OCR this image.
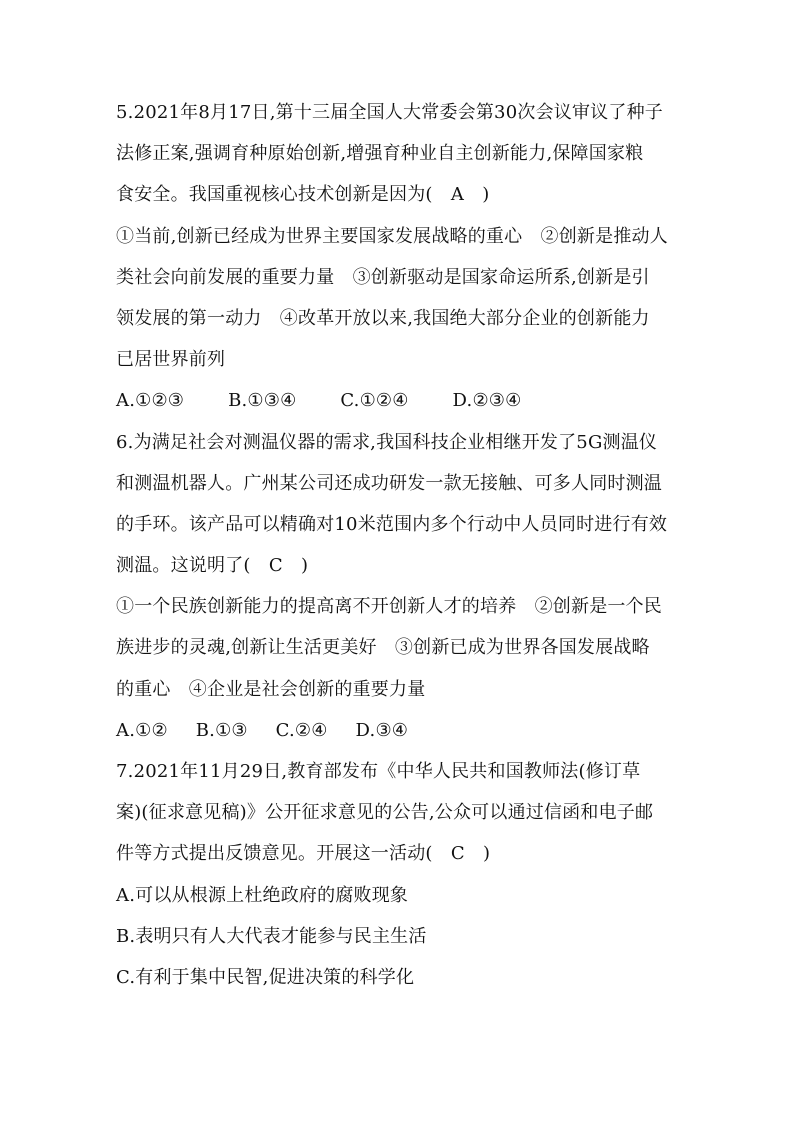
5.2021年8月17日,第十三届全国人大常委会第30次会议审议了种子
法修正案,强调育种原始创新,增强育种业自主创新能力,保障国家粮
食安全。我国重视核心技术创新是因为(　A　)
①当前,创新已经成为世界主要国家发展战略的重心　②创新是推动人
类社会向前发展的重要力量　③创新驱动是国家命运所系,创新是引
领发展的第一动力　④改革开放以来,我国绝大部分企业的创新能力
已居世界前列
A.①②③ B.①③④ C.①②④ D.②③④
6.为满足社会对测温仪器的需求,我国科技企业相继开发了5G测温仪
和测温机器人。广州某公司还成功研发一款无接触、可多人同时测温
的手环。该产品可以精确对10米范围内多个行动中人员同时进行有效
测温。这说明了(　C　)
①一个民族创新能力的提高离不开创新人才的培养　②创新是一个民
族进步的灵魂,创新让生活更美好　③创新已成为世界各国发展战略
的重心　④企业是社会创新的重要力量
A.①② B.①③ C.②④ D.③④
7.2021年11月29日,教育部发布《中华人民共和国教师法(修订草
案)(征求意见稿)》公开征求意见的公告,公众可以通过信函和电子邮
件等方式提出反馈意见。开展这一活动(　C　)
A.可以从根源上杜绝政府的腐败现象
B.表明只有人大代表才能参与民主生活
C.有利于集中民智,促进决策的科学化
